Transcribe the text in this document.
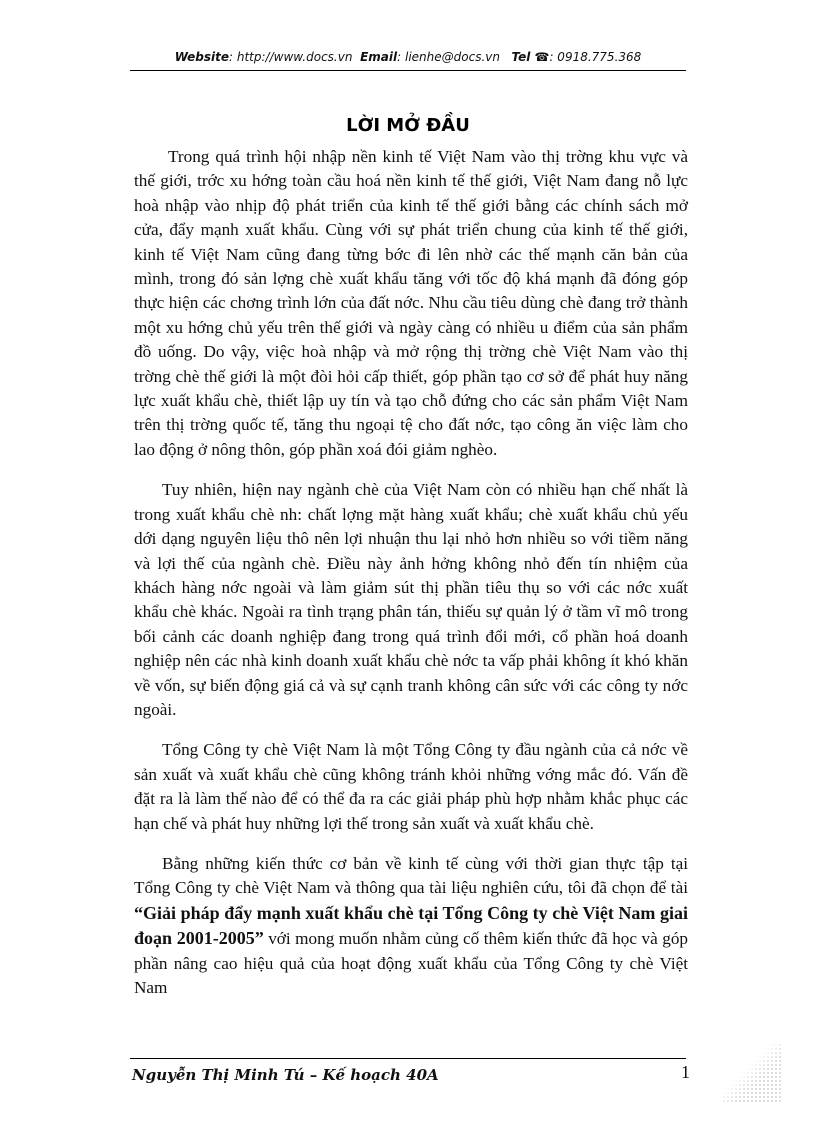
Website: http://www.docs.vn Email: lienhe@docs.vn Tel ☎: 0918.775.368
LỜI MỞ ĐẦU

Trong quá trình hội nhập nền kinh tế Việt Nam vào thị trờng khu vực và thế giới, trớc xu hớng toàn cầu hoá nền kinh tế thế giới, Việt Nam đang nỗ lực hoà nhập vào nhịp độ phát triển của kinh tế thế giới bằng các chính sách mở cửa, đẩy mạnh xuất khẩu. Cùng với sự phát triển chung của kinh tế thế giới, kinh tế Việt Nam cũng đang từng bớc đi lên nhờ các thế mạnh căn bản của mình, trong đó sản lợng chè xuất khẩu tăng với tốc độ khá mạnh đã đóng góp thực hiện các chơng trình lớn của đất nớc. Nhu cầu tiêu dùng chè đang trở thành một xu hớng chủ yếu trên thế giới và ngày càng có nhiều u điểm của sản phẩm đồ uống. Do vậy, việc hoà nhập và mở rộng thị trờng chè Việt Nam vào thị trờng chè thế giới là một đòi hỏi cấp thiết, góp phần tạo cơ sở để phát huy năng lực xuất khẩu chè, thiết lập uy tín và tạo chỗ đứng cho các sản phẩm Việt Nam trên thị trờng quốc tế, tăng thu ngoại tệ cho đất nớc, tạo công ăn việc làm cho lao động ở nông thôn, góp phần xoá đói giảm nghèo.

Tuy nhiên, hiện nay ngành chè của Việt Nam còn có nhiều hạn chế nhất là trong xuất khẩu chè nh: chất lợng mặt hàng xuất khẩu; chè xuất khẩu chủ yếu dới dạng nguyên liệu thô nên lợi nhuận thu lại nhỏ hơn nhiều so với tiềm năng và lợi thế của ngành chè. Điều này ảnh hởng không nhỏ đến tín nhiệm của khách hàng nớc ngoài và làm giảm sút thị phần tiêu thụ so với các nớc xuất khẩu chè khác. Ngoài ra tình trạng phân tán, thiếu sự quản lý ở tầm vĩ mô trong bối cảnh các doanh nghiệp đang trong quá trình đổi mới, cổ phần hoá doanh nghiệp nên các nhà kinh doanh xuất khẩu chè nớc ta vấp phải không ít khó khăn về vốn, sự biến động giá cả và sự cạnh tranh không cân sức với các công ty nớc ngoài.

Tổng Công ty chè Việt Nam là một Tổng Công ty đầu ngành của cả nớc về sản xuất và xuất khẩu chè cũng không tránh khỏi những vớng mắc đó. Vấn đề đặt ra là làm thế nào để có thể đa ra các giải pháp phù hợp nhằm khắc phục các hạn chế và phát huy những lợi thế trong sản xuất và xuất khẩu chè.

Bằng những kiến thức cơ bản về kinh tế cùng với thời gian thực tập tại Tổng Công ty chè Việt Nam và thông qua tài liệu nghiên cứu, tôi đã chọn để tài “Giải pháp đẩy mạnh xuất khẩu chè tại Tổng Công ty chè Việt Nam giai đoạn 2001-2005” với mong muốn nhằm củng cố thêm kiến thức đã học và góp phần nâng cao hiệu quả của hoạt động xuất khẩu của Tổng Công ty chè Việt Nam

Nguyễn Thị Minh Tú – Kế hoạch 40A	1
